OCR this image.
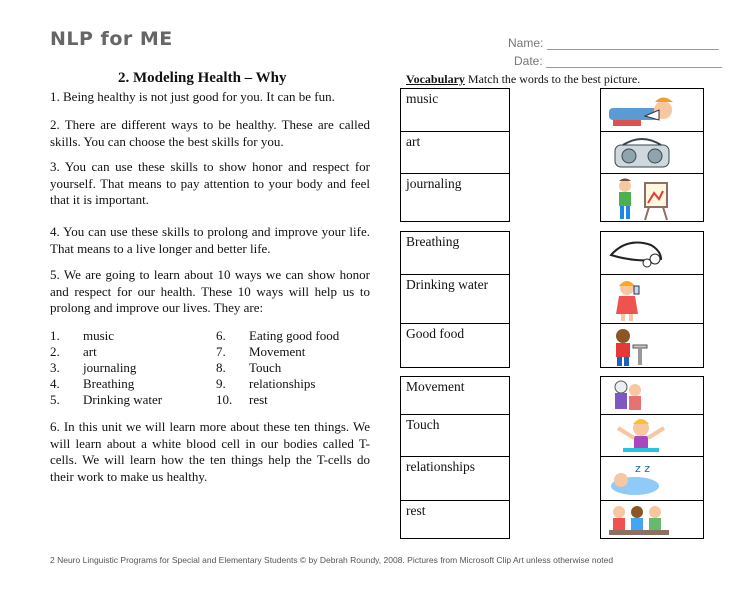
NLP for ME	Name:
Date:
2. Modeling Health – Why
1. Being healthy is not just good for you. It can be fun.
2. There are different ways to be healthy. These are called skills. You can choose the best skills for you.
3. You can use these skills to show honor and respect for yourself. That means to pay attention to your body and feel that it is important.
4. You can use these skills to prolong and improve your life. That means to a live longer and better life.
5. We are going to learn about 10 ways we can show honor and respect for our health. These 10 ways will help us to prolong and improve our lives. They are:
1. music
2. art
3. journaling
4. Breathing
5. Drinking water
6. Eating good food
7. Movement
8. Touch
9. relationships
10. rest
6. In this unit we will learn more about these ten things. We will learn about a white blood cell in our bodies called T-cells. We will learn how the ten things help the T-cells do their work to make us healthy.
Vocabulary Match the words to the best picture.
music
art
journaling
Breathing
Drinking water
Good food
Movement
Touch
relationships
rest
z z
2 Neuro Linguistic Programs for Special and Elementary Students © by Debrah Roundy, 2008. Pictures from Microsoft Clip Art unless otherwise noted
